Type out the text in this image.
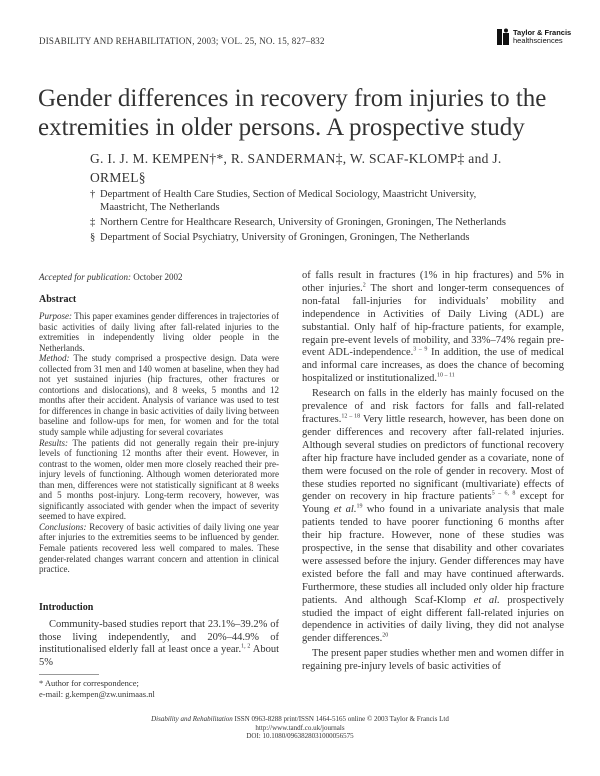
DISABILITY AND REHABILITATION, 2003; VOL. 25, NO. 15, 827–832
Taylor & Francis
healthsciences
Gender differences in recovery from injuries to the extremities in older persons. A prospective study
G. I. J. M. KEMPEN†*, R. SANDERMAN‡, W. SCAF-KLOMP‡ and J. ORMEL§
† Department of Health Care Studies, Section of Medical Sociology, Maastricht University, Maastricht, The Netherlands
‡ Northern Centre for Healthcare Research, University of Groningen, Groningen, The Netherlands
§ Department of Social Psychiatry, University of Groningen, Groningen, The Netherlands
Accepted for publication: October 2002
Abstract

Purpose: This paper examines gender differences in trajectories of basic activities of daily living after fall-related injuries to the extremities in independently living older people in the Netherlands.

Method: The study comprised a prospective design. Data were collected from 31 men and 140 women at baseline, when they had not yet sustained injuries (hip fractures, other fractures or contortions and dislocations), and 8 weeks, 5 months and 12 months after their accident. Analysis of variance was used to test for differences in change in basic activities of daily living between baseline and follow-ups for men, for women and for the total study sample while adjusting for several covariates

Results: The patients did not generally regain their pre-injury levels of functioning 12 months after their event. However, in contrast to the women, older men more closely reached their pre-injury levels of functioning. Although women deteriorated more than men, differences were not statistically significant at 8 weeks and 5 months post-injury. Long-term recovery, however, was significantly associated with gender when the impact of severity seemed to have expired.

Conclusions: Recovery of basic activities of daily living one year after injuries to the extremities seems to be influenced by gender. Female patients recovered less well compared to males. These gender-related changes warrant concern and attention in clinical practice.

Introduction

Community-based studies report that 23.1%–39.2% of those living independently, and 20%–44.9% of institutionalised elderly fall at least once a year.$^{1, 2}$ About 5%

* Author for correspondence;
e-mail: g.kempen@zw.unimaas.nl

of falls result in fractures (1% in hip fractures) and 5% in other injuries.$^2$ The short and longer-term consequences of non-fatal fall-injuries for individuals’ mobility and independence in Activities of Daily Living (ADL) are substantial. Only half of hip-fracture patients, for example, regain pre-event levels of mobility, and 33%–74% regain pre-event ADL-independence.$^{3 - 9}$ In addition, the use of medical and informal care increases, as does the chance of becoming hospitalized or institutionalized.$^{10 - 11}$

Research on falls in the elderly has mainly focused on the prevalence of and risk factors for falls and fall-related fractures.$^{12 - 18}$ Very little research, however, has been done on gender differences and recovery after fall-related injuries. Although several studies on predictors of functional recovery after hip fracture have included gender as a covariate, none of them were focused on the role of gender in recovery. Most of these studies reported no significant (multivariate) effects of gender on recovery in hip fracture patients$^{5 - 6, 8}$ except for Young et al.$^{19}$ who found in a univariate analysis that male patients tended to have poorer functioning 6 months after their hip fracture. However, none of these studies was prospective, in the sense that disability and other covariates were assessed before the injury. Gender differences may have existed before the fall and may have continued afterwards. Furthermore, these studies all included only older hip fracture patients. And although Scaf-Klomp et al. prospectively studied the impact of eight different fall-related injuries on dependence in activities of daily living, they did not analyse gender differences.$^{20}$

The present paper studies whether men and women differ in regaining pre-injury levels of basic activities of

Disability and Rehabilitation ISSN 0963-8288 print/ISSN 1464-5165 online © 2003 Taylor & Francis Ltd
http://www.tandf.co.uk/journals
DOI: 10.1080/0963828031000056575
